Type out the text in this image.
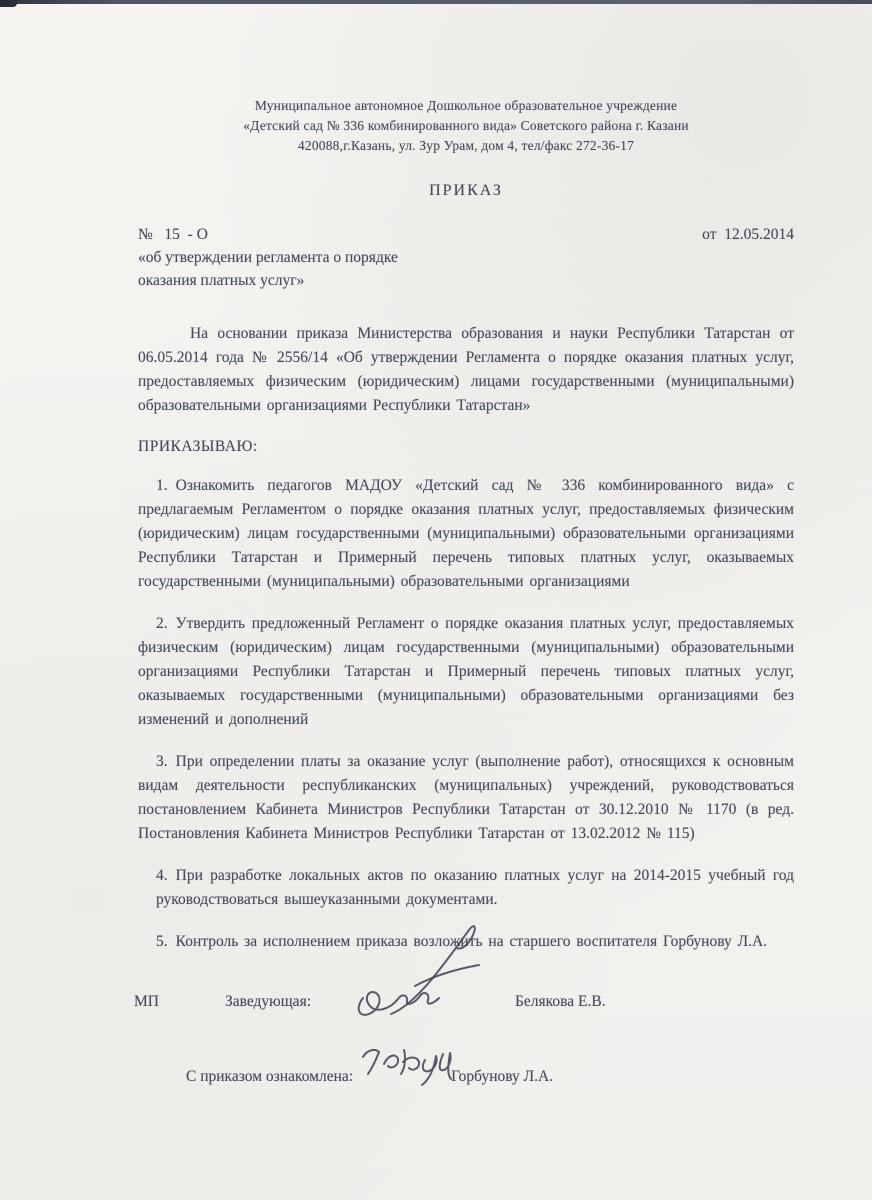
Муниципальное автономное Дошкольное образовательное учреждение
«Детский сад № 336 комбинированного вида» Советского района г. Казани
420088,г.Казань, ул. Зур Урам, дом 4, тел/факс 272-36-17
ПРИКАЗ
№   15  - О	от  12.05.2014
«об утверждении регламента о порядке
оказания платных услуг»

На основании приказа Министерства образования и науки Республики Татарстан от 06.05.2014 года № 2556/14 «Об утверждении Регламента о порядке оказания платных услуг, предоставляемых физическим (юридическим) лицами государственными (муниципальными) образовательными организациями Республики Татарстан»

ПРИКАЗЫВАЮ:

1. Ознакомить педагогов МАДОУ «Детский сад № 336 комбинированного вида» с предлагаемым Регламентом о порядке оказания платных услуг, предоставляемых физическим (юридическим) лицам государственными (муниципальными) образовательными организациями Республики Татарстан и Примерный перечень типовых платных услуг, оказываемых государственными (муниципальными) образовательными организациями

2. Утвердить предложенный Регламент о порядке оказания платных услуг, предоставляемых физическим (юридическим) лицам государственными (муниципальными) образовательными организациями Республики Татарстан и Примерный перечень типовых платных услуг, оказываемых государственными (муниципальными) образовательными организациями без изменений и дополнений

3. При определении платы за оказание услуг (выполнение работ), относящихся к основным видам деятельности республиканских (муниципальных) учреждений, руководствоваться постановлением Кабинета Министров Республики Татарстан от 30.12.2010 № 1170 (в ред. Постановления Кабинета Министров Республики Татарстан от 13.02.2012 № 115)

4. При разработке локальных актов по оказанию платных услуг на 2014-2015 учебный год руководствоваться вышеуказанными документами.

5. Контроль за исполнением приказа возложить на старшего воспитателя Горбунову Л.А.

МП	Заведующая:	Белякова Е.В.
С приказом ознакомлена:	Горбунову Л.А.
